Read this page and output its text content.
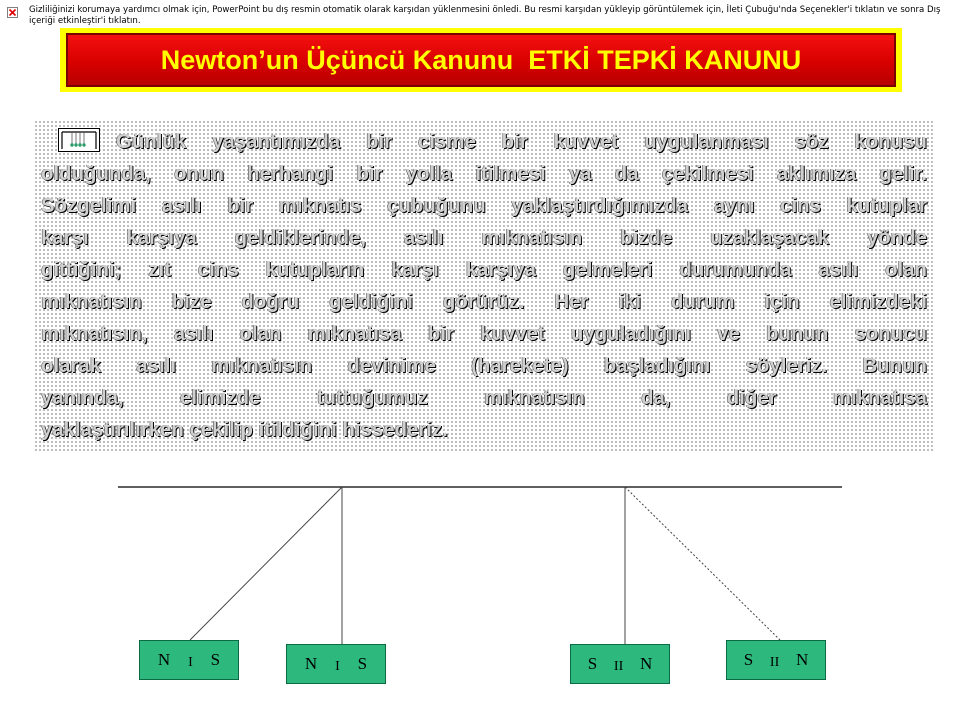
Gizliliğinizi korumaya yardımcı olmak için, PowerPoint bu dış resmin otomatik olarak karşıdan yüklenmesini önledi. Bu resmi karşıdan yükleyip görüntülemek için, İleti Çubuğu'nda Seçenekler'i tıklatın ve sonra Dış içeriği etkinleştir'i tıklatın.
Newton’un Üçüncü Kanunu  ETKİ TEPKİ KANUNU
Günlük yaşantımızda bir cisme bir kuvvet uygulanması söz konusu
olduğunda, onun herhangi bir yolla itilmesi ya da çekilmesi aklımıza gelir.
Sözgelimi asılı bir mıknatıs çubuğunu yaklaştırdığımızda aynı cins kutuplar
karşı karşıya geldiklerinde, asılı mıknatısın bizde uzaklaşacak yönde
gittiğini; zıt cins kutupların karşı karşıya gelmeleri durumunda asılı olan
mıknatısın bize doğru geldiğini görürüz. Her iki durum için elimizdeki
mıknatısın, asılı olan mıknatısa bir kuvvet uyguladığını ve bunun sonucu
olarak asılı mıknatısın devinime (harekete) başladığını söyleriz. Bunun
yanında, elimizde tuttuğumuz mıknatısın da, diğer mıknatısa
yaklaştırılırken çekilip itildiğini hissederiz.
N I S	N I S	S II N	S II N
